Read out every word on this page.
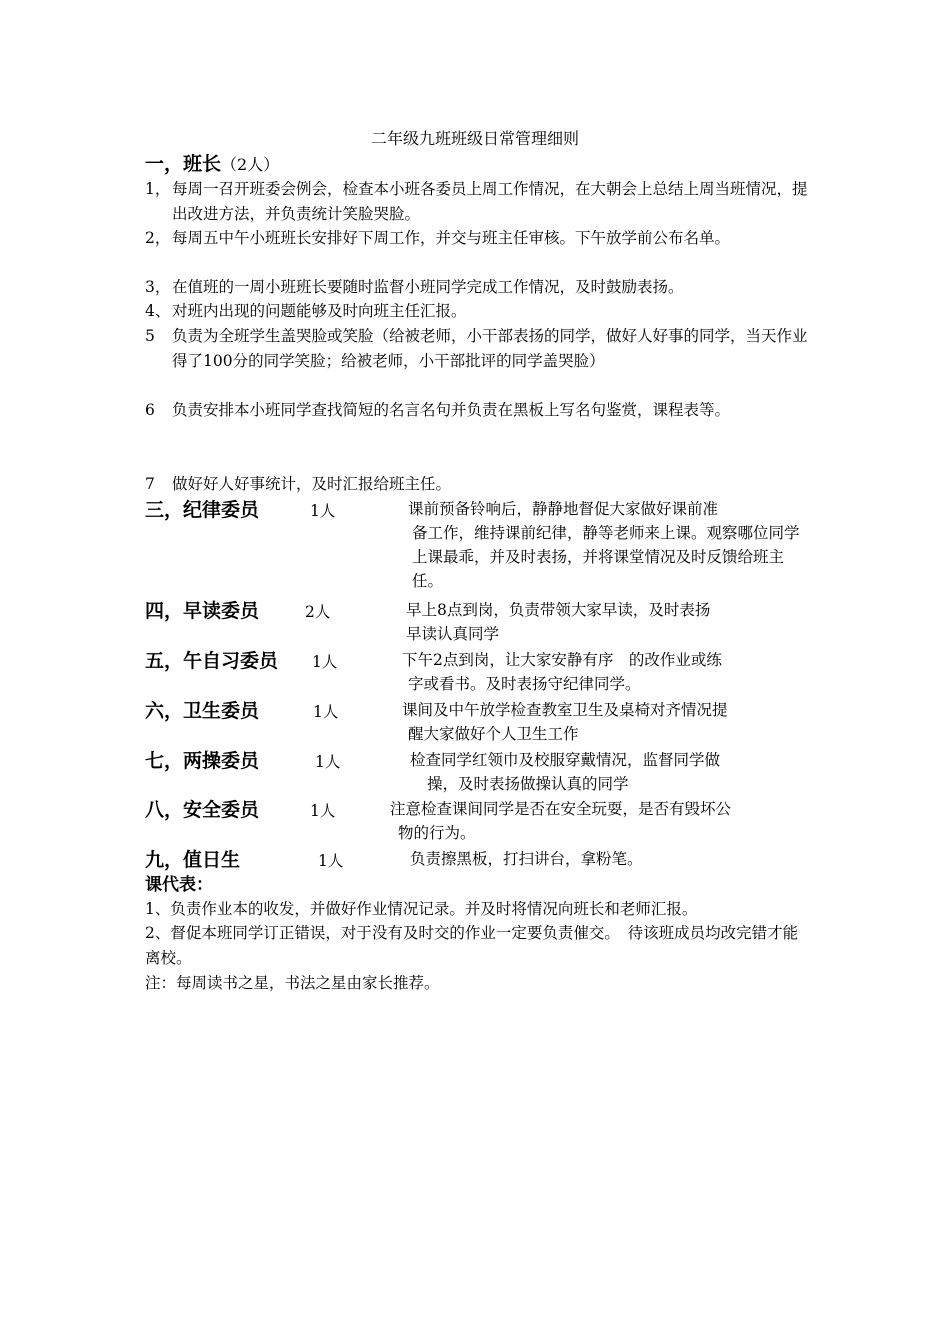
二年级九班班级日常管理细则
一，班长（2人）
1， 每周一召开班委会例会，检查本小班各委员上周工作情况，在大朝会上总结上周当班情况，提出改进方法，并负责统计笑脸哭脸。
2， 每周五中午小班班长安排好下周工作，并交与班主任审核。下午放学前公布名单。
3， 在值班的一周小班班长要随时监督小班同学完成工作情况，及时鼓励表扬。
4、 对班内出现的问题能够及时向班主任汇报。
5	负责为全班学生盖哭脸或笑脸（给被老师，小干部表扬的同学，做好人好事的同学，当天作业得了100分的同学笑脸；给被老师，小干部批评的同学盖哭脸）
6	负责安排本小班同学查找简短的名言名句并负责在黑板上写名句鉴赏，课程表等。
7	做好好人好事统计，及时汇报给班主任。
三，纪律委员	1人	课前预备铃响后，静静地督促大家做好课前准
备工作，维持课前纪律，静等老师来上课。观察哪位同学上课最乖，并及时表扬，并将课堂情况及时反馈给班主任。
四，早读委员	2人	早上8点到岗，负责带领大家早读，及时表扬
早读认真同学
五，午自习委员 1人	下午2点到岗，让大家安静有序　的改作业或练
字或看书。及时表扬守纪律同学。
六，卫生委员	1人	课间及中午放学检查教室卫生及桌椅对齐情况提
醒大家做好个人卫生工作
七，两操委员	1人	检查同学红领巾及校服穿戴情况，监督同学做
操，及时表扬做操认真的同学
八，安全委员	1人	注意检查课间同学是否在安全玩耍，是否有毁坏公
物的行为。
九，值日生	1人	负责擦黑板，打扫讲台，拿粉笔。
课代表：
1、负责作业本的收发，并做好作业情况记录。并及时将情况向班长和老师汇报。
2、督促本班同学订正错误，对于没有及时交的作业一定要负责催交。　待该班成员均改完错才能离校。
注：每周读书之星，书法之星由家长推荐。
